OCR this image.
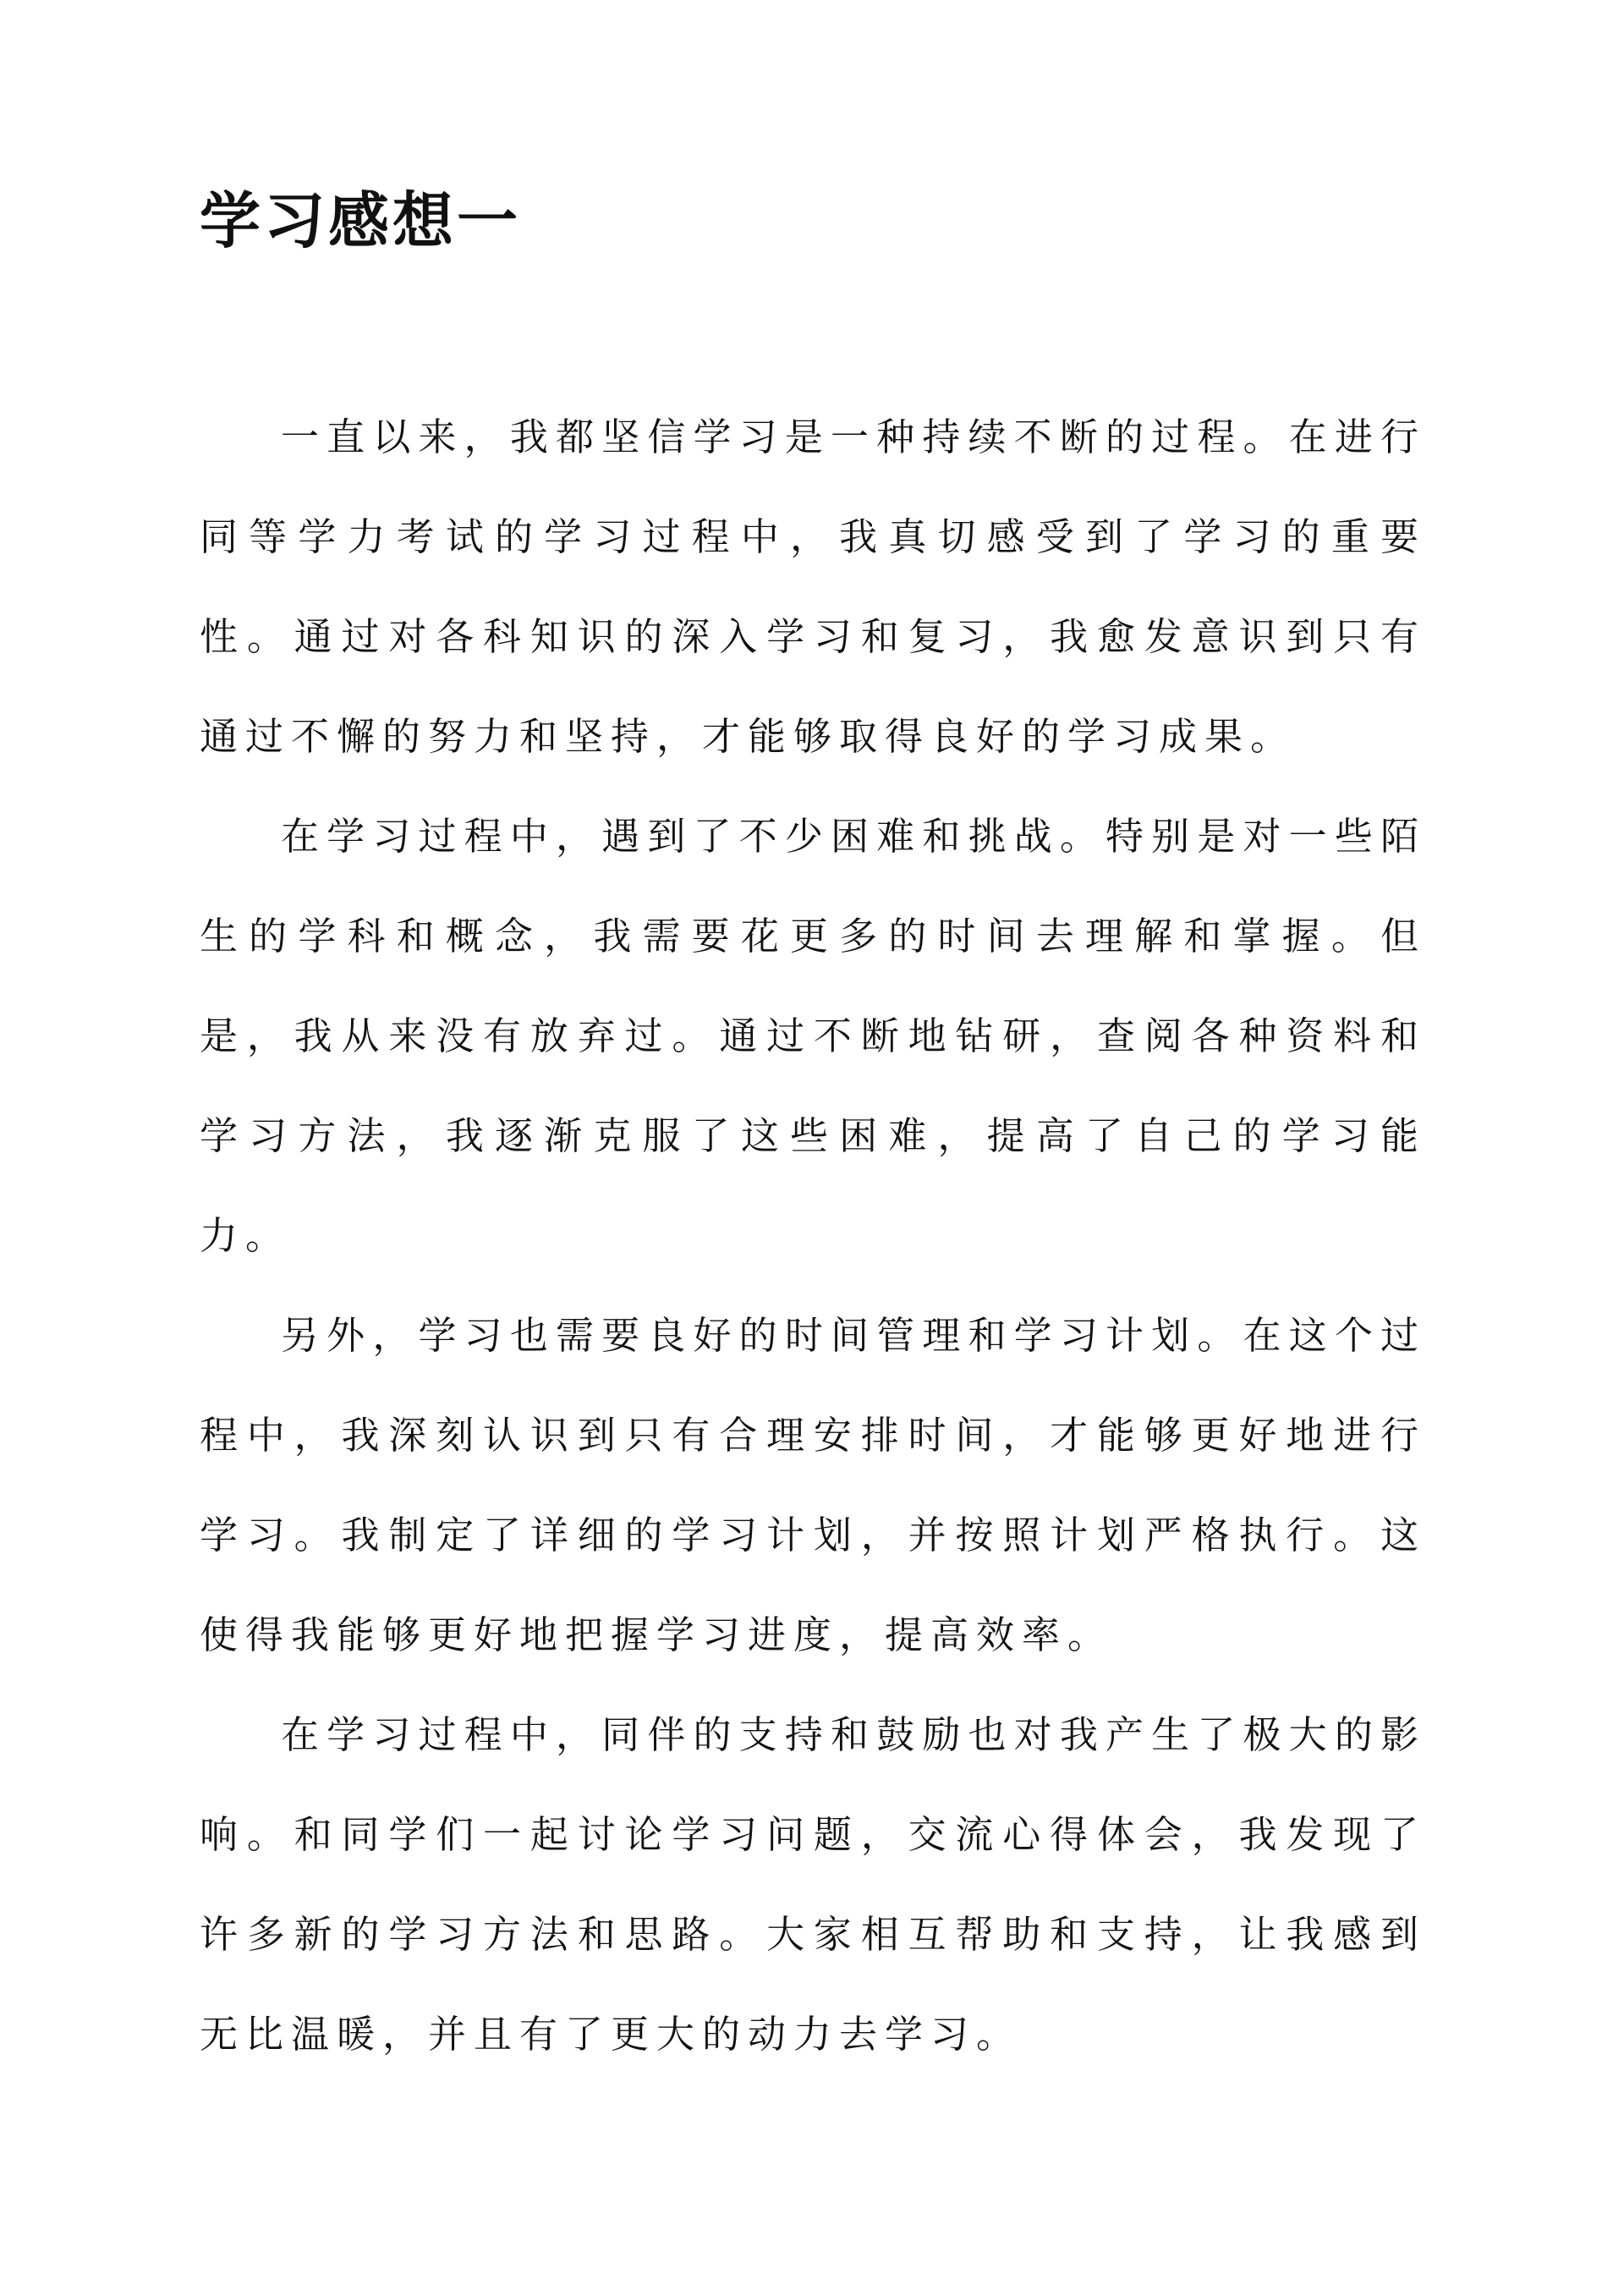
学习感想一

一直以来，我都坚信学习是一种持续不断的过程。在进行同等学力考试的学习过程中，我真切感受到了学习的重要性。通过对各科知识的深入学习和复习，我愈发意识到只有通过不懈的努力和坚持，才能够取得良好的学习成果。

在学习过程中，遇到了不少困难和挑战。特别是对一些陌生的学科和概念，我需要花更多的时间去理解和掌握。但是，我从来没有放弃过。通过不断地钻研，查阅各种资料和学习方法，我逐渐克服了这些困难，提高了自己的学习能力。

另外，学习也需要良好的时间管理和学习计划。在这个过程中，我深刻认识到只有合理安排时间，才能够更好地进行学习。我制定了详细的学习计划，并按照计划严格执行。这使得我能够更好地把握学习进度，提高效率。

在学习过程中，同伴的支持和鼓励也对我产生了极大的影响。和同学们一起讨论学习问题，交流心得体会，我发现了许多新的学习方法和思路。大家相互帮助和支持，让我感到无比温暖，并且有了更大的动力去学习。
